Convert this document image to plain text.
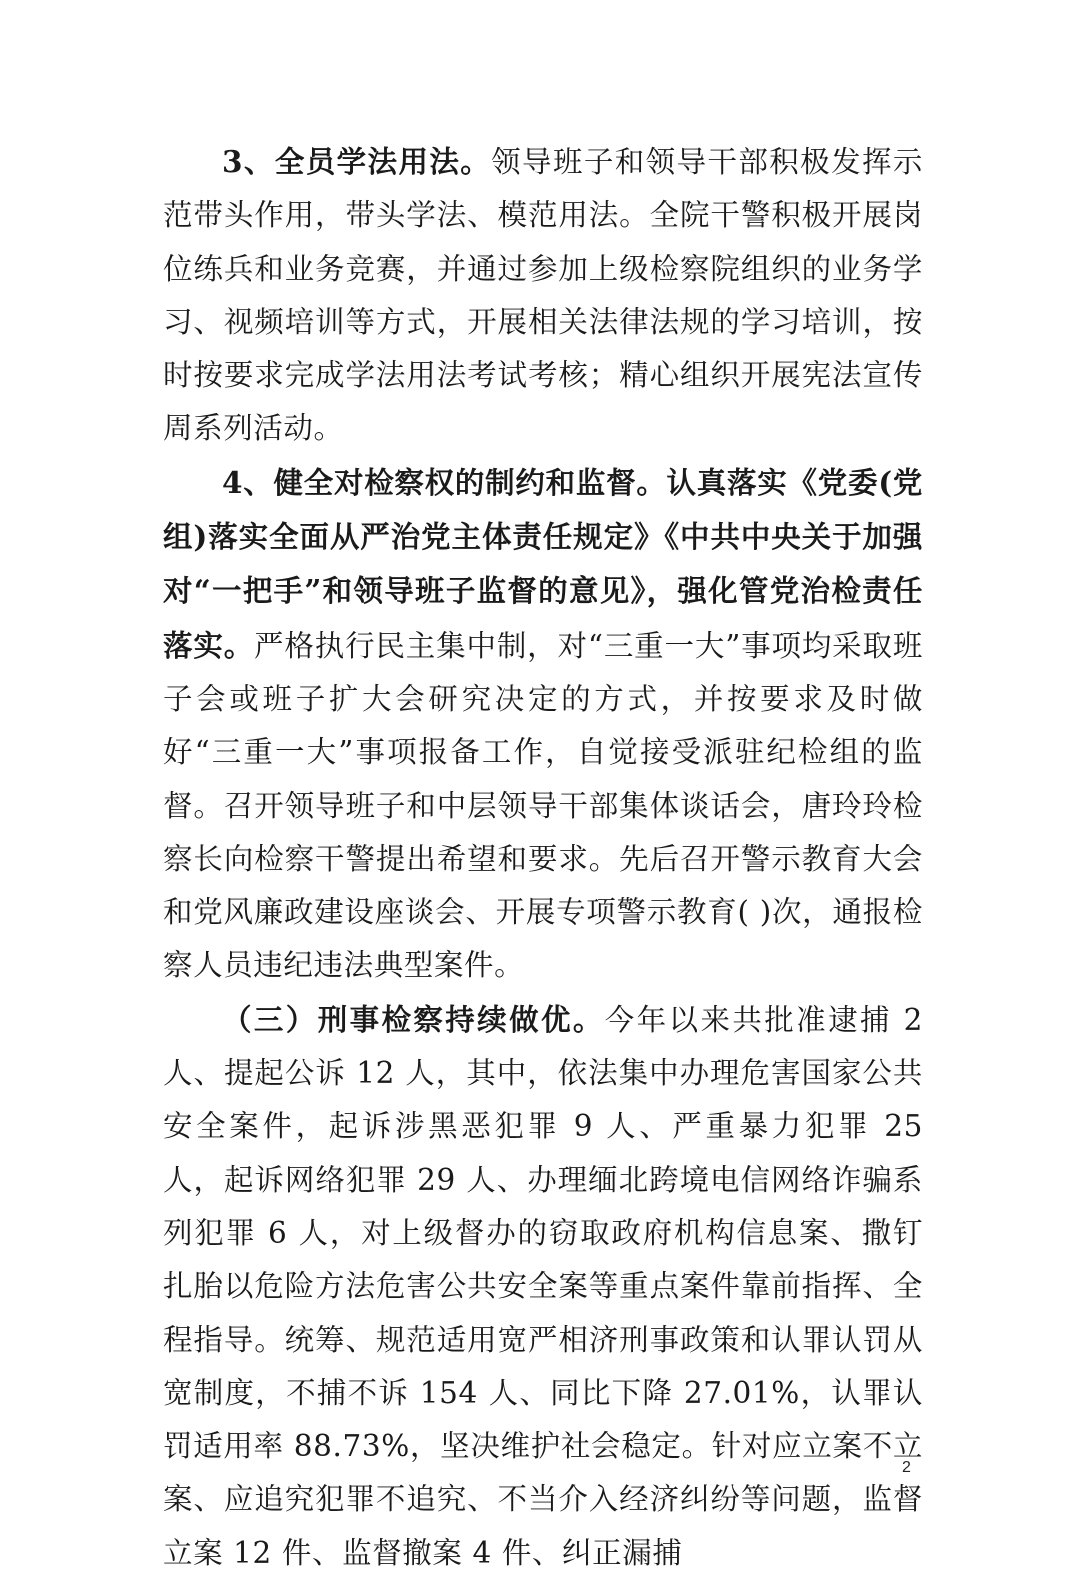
3、全员学法用法。领导班子和领导干部积极发挥示范带头作用，带头学法、模范用法。全院干警积极开展岗位练兵和业务竞赛，并通过参加上级检察院组织的业务学习、视频培训等方式，开展相关法律法规的学习培训，按时按要求完成学法用法考试考核；精心组织开展宪法宣传周系列活动。

4、健全对检察权的制约和监督。认真落实《党委(党组)落实全面从严治党主体责任规定》《中共中央关于加强对“一把手”和领导班子监督的意见》，强化管党治检责任落实。严格执行民主集中制，对“三重一大”事项均采取班子会或班子扩大会研究决定的方式，并按要求及时做好“三重一大”事项报备工作，自觉接受派驻纪检组的监督。召开领导班子和中层领导干部集体谈话会，唐玲玲检察长向检察干警提出希望和要求。先后召开警示教育大会和党风廉政建设座谈会、开展专项警示教育( )次，通报检察人员违纪违法典型案件。

（三）刑事检察持续做优。今年以来共批准逮捕 2 人、提起公诉 12 人，其中，依法集中办理危害国家公共安全案件，起诉涉黑恶犯罪 9 人、严重暴力犯罪 25 人，起诉网络犯罪 29 人、办理缅北跨境电信网络诈骗系列犯罪 6 人，对上级督办的窃取政府机构信息案、撒钉扎胎以危险方法危害公共安全案等重点案件靠前指挥、全程指导。统筹、规范适用宽严相济刑事政策和认罪认罚从宽制度，不捕不诉 154 人、同比下降 27.01%，认罪认罚适用率 88.73%，坚决维护社会稳定。针对应立案不立案、应追究犯罪不追究、不当介入经济纠纷等问题，监督立案 12 件、监督撤案 4 件、纠正漏捕

2
